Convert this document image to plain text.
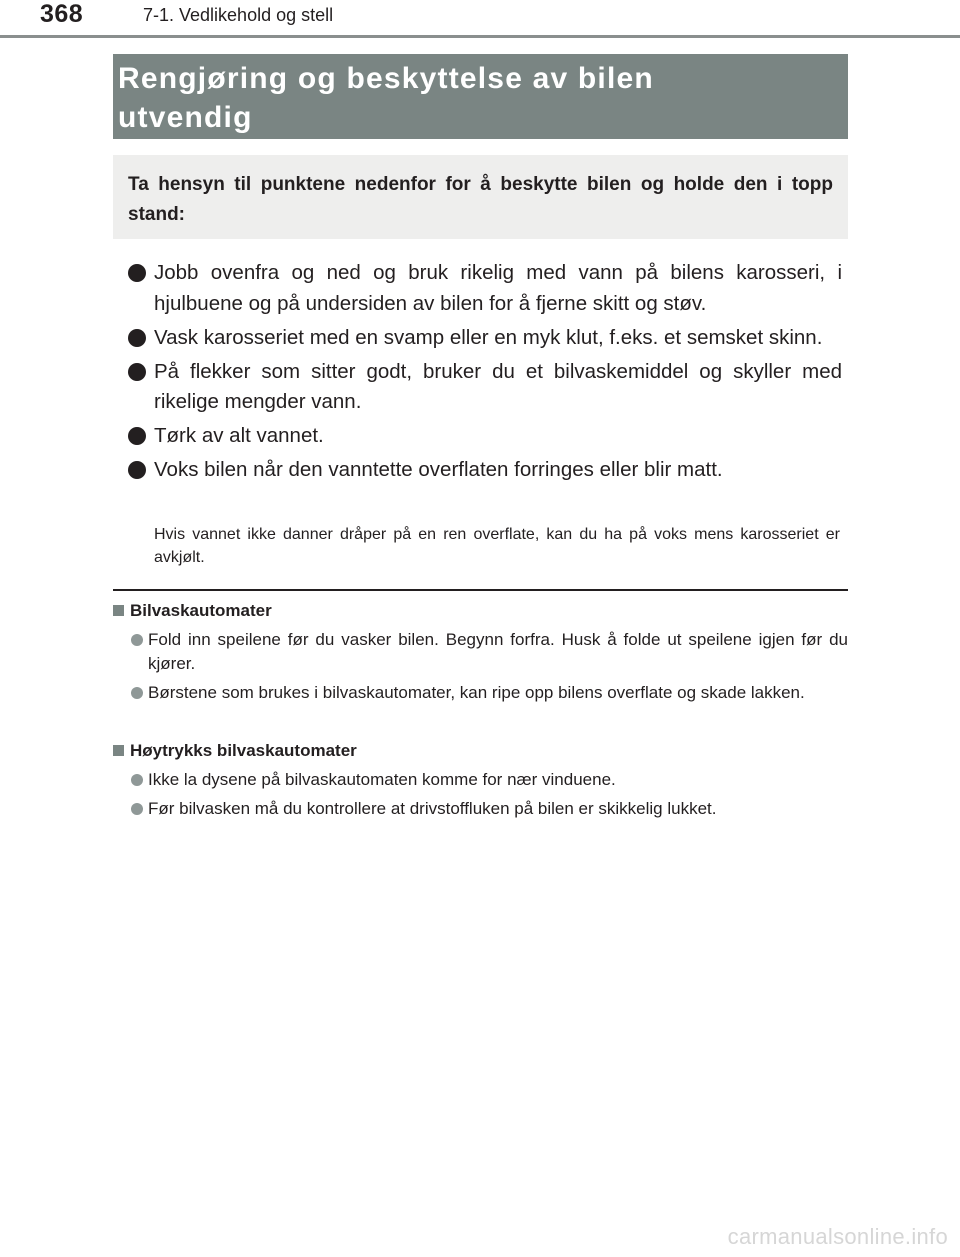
368	7-1. Vedlikehold og stell

Rengjøring og beskyttelse av bilen
utvendig

Ta hensyn til punktene nedenfor for å beskytte bilen og holde den i topp stand:

Jobb ovenfra og ned og bruk rikelig med vann på bilens karosseri, i hjulbuene og på undersiden av bilen for å fjerne skitt og støv.
Vask karosseriet med en svamp eller en myk klut, f.eks. et semsket skinn.
På flekker som sitter godt, bruker du et bilvaskemiddel og skyller med rikelige mengder vann.
Tørk av alt vannet.
Voks bilen når den vanntette overflaten forringes eller blir matt.
Hvis vannet ikke danner dråper på en ren overflate, kan du ha på voks mens karosseriet er avkjølt.
Bilvaskautomater
Fold inn speilene før du vasker bilen. Begynn forfra. Husk å folde ut speilene igjen før du kjører.
Børstene som brukes i bilvaskautomater, kan ripe opp bilens overflate og skade lakken.
Høytrykks bilvaskautomater
Ikke la dysene på bilvaskautomaten komme for nær vinduene.
Før bilvasken må du kontrollere at drivstoffluken på bilen er skikkelig lukket.
carmanualsonline.info
